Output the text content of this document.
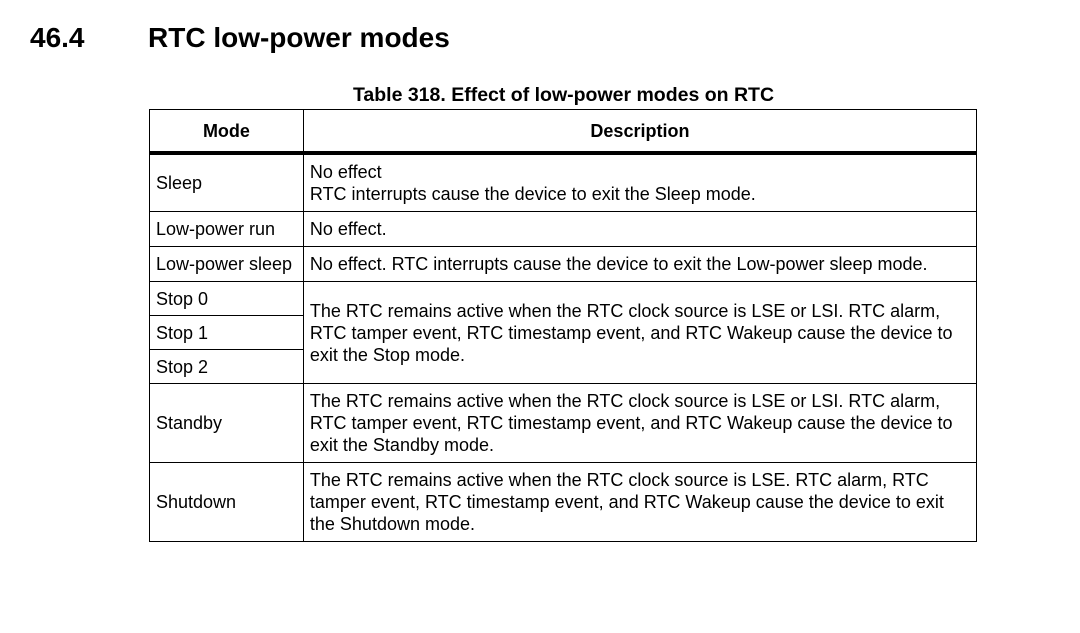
46.4 RTC low-power modes
Table 318. Effect of low-power modes on RTC
Mode	Description
Sleep	No effect
RTC interrupts cause the device to exit the Sleep mode.

Low-power run	No effect.
Low-power sleep	No effect. RTC interrupts cause the device to exit the Low-power sleep mode.
Stop 0	The RTC remains active when the RTC clock source is LSE or LSI. RTC alarm, RTC tamper event, RTC timestamp event, and RTC Wakeup cause the device to exit the Stop mode.
Stop 1	
Stop 2	
Standby	The RTC remains active when the RTC clock source is LSE or LSI. RTC alarm, RTC tamper event, RTC timestamp event, and RTC Wakeup cause the device to exit the Standby mode.
Shutdown	The RTC remains active when the RTC clock source is LSE. RTC alarm, RTC tamper event, RTC timestamp event, and RTC Wakeup cause the device to exit the Shutdown mode.
